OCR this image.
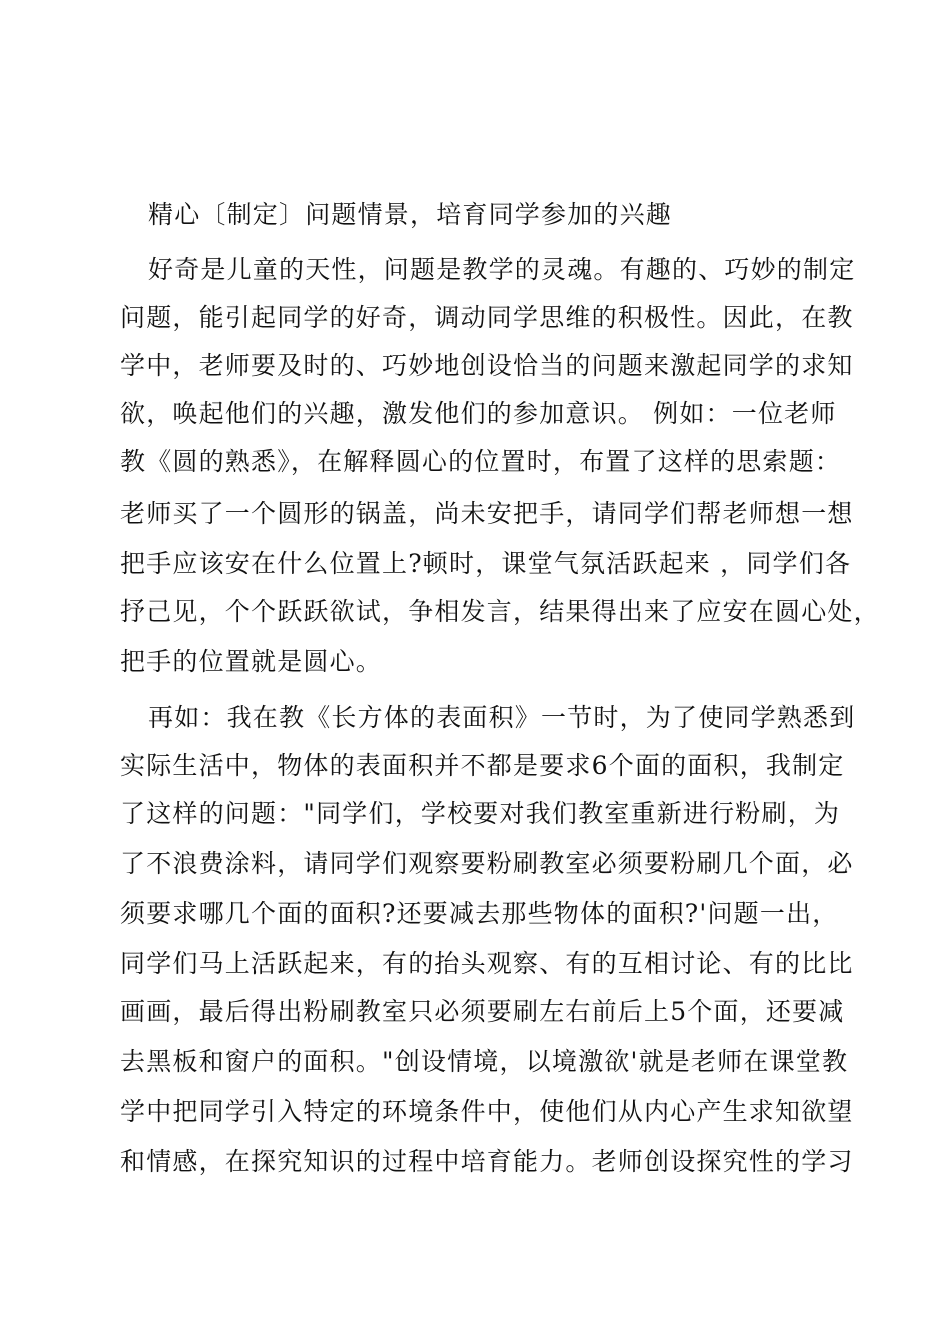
精心〔制定〕问题情景，培育同学参加的兴趣
好奇是儿童的天性，问题是教学的灵魂。有趣的、巧妙的制定
问题，能引起同学的好奇，调动同学思维的积极性。因此，在教
学中，老师要及时的、巧妙地创设恰当的问题来激起同学的求知
欲，唤起他们的兴趣，激发他们的参加意识。 例如：一位老师
教《圆的熟悉》，在解释圆心的位置时，布置了这样的思索题：
老师买了一个圆形的锅盖，尚未安把手，请同学们帮老师想一想
把手应该安在什么位置上?顿时，课堂气氛活跃起来 ，同学们各
抒己见，个个跃跃欲试，争相发言，结果得出来了应安在圆心处，
把手的位置就是圆心。
再如：我在教《长方体的表面积》一节时，为了使同学熟悉到
实际生活中，物体的表面积并不都是要求6个面的面积，我制定
了这样的问题："同学们，学校要对我们教室重新进行粉刷，为
了不浪费涂料，请同学们观察要粉刷教室必须要粉刷几个面，必
须要求哪几个面的面积?还要减去那些物体的面积?'问题一出，
同学们马上活跃起来，有的抬头观察、有的互相讨论、有的比比
画画，最后得出粉刷教室只必须要刷左右前后上5个面，还要减
去黑板和窗户的面积。"创设情境，以境激欲'就是老师在课堂教
学中把同学引入特定的环境条件中，使他们从内心产生求知欲望
和情感，在探究知识的过程中培育能力。老师创设探究性的学习
